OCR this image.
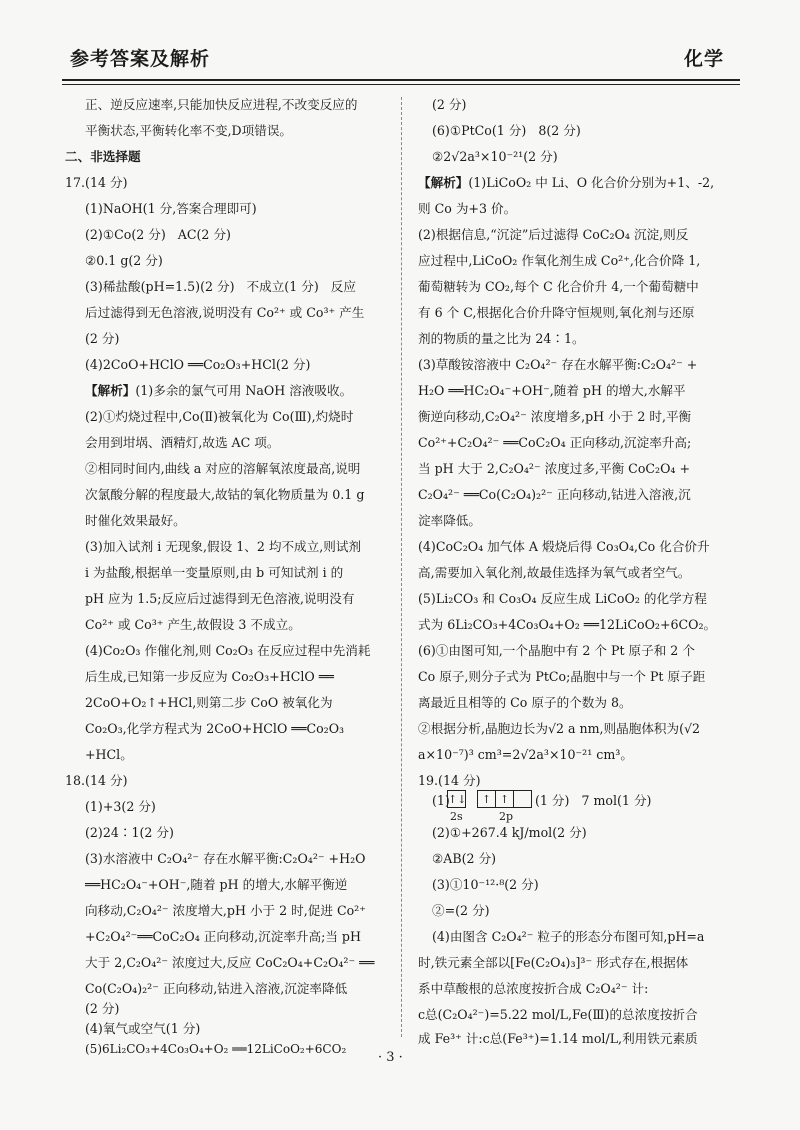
参考答案及解析	化学
正、逆反应速率,只能加快反应进程,不改变反应的
平衡状态,平衡转化率不变,D项错误。
二、非选择题
17.(14 分)
(1)NaOH(1 分,答案合理即可)
(2)①Co(2 分)   AC(2 分)
②0.1 g(2 分)
(3)稀盐酸(pH=1.5)(2 分)   不成立(1 分)   反应
后过滤得到无色溶液,说明没有 Co²⁺ 或 Co³⁺ 产生
(2 分)
(4)2CoO+HClO ══Co₂O₃+HCl(2 分)
【解析】(1)多余的氯气可用 NaOH 溶液吸收。
(2)①灼烧过程中,Co(Ⅱ)被氧化为 Co(Ⅲ),灼烧时
会用到坩埚、酒精灯,故选 AC 项。
②相同时间内,曲线 a 对应的溶解氧浓度最高,说明
次氯酸分解的程度最大,故钴的氧化物质量为 0.1 g
时催化效果最好。
(3)加入试剂 i 无现象,假设 1、2 均不成立,则试剂
i 为盐酸,根据单一变量原则,由 b 可知试剂 i 的
pH 应为 1.5;反应后过滤得到无色溶液,说明没有
Co²⁺ 或 Co³⁺ 产生,故假设 3 不成立。
(4)Co₂O₃ 作催化剂,则 Co₂O₃ 在反应过程中先消耗
后生成,已知第一步反应为 Co₂O₃+HClO ══
2CoO+O₂↑+HCl,则第二步 CoO 被氧化为
Co₂O₃,化学方程式为 2CoO+HClO ══Co₂O₃
+HCl。
18.(14 分)
(1)+3(2 分)
(2)24∶1(2 分)
(3)水溶液中 C₂O₄²⁻ 存在水解平衡:C₂O₄²⁻ +H₂O
══HC₂O₄⁻+OH⁻,随着 pH 的增大,水解平衡逆
向移动,C₂O₄²⁻ 浓度增大,pH 小于 2 时,促进 Co²⁺
+C₂O₄²⁻══CoC₂O₄ 正向移动,沉淀率升高;当 pH
大于 2,C₂O₄²⁻ 浓度过大,反应 CoC₂O₄+C₂O₄²⁻ ══
Co(C₂O₄)₂²⁻ 正向移动,钴进入溶液,沉淀率降低
(2 分)
(4)氧气或空气(1 分)
(5)6Li₂CO₃+4Co₃O₄+O₂ ══12LiCoO₂+6CO₂
(2 分)
(6)①PtCo(1 分)   8(2 分)
②2√2a³×10⁻²¹(2 分)
【解析】(1)LiCoO₂ 中 Li、O 化合价分别为+1、-2,
则 Co 为+3 价。
(2)根据信息,“沉淀”后过滤得 CoC₂O₄ 沉淀,则反
应过程中,LiCoO₂ 作氧化剂生成 Co²⁺,化合价降 1,
葡萄糖转为 CO₂,每个 C 化合价升 4,一个葡萄糖中
有 6 个 C,根据化合价升降守恒规则,氧化剂与还原
剂的物质的量之比为 24∶1。
(3)草酸铵溶液中 C₂O₄²⁻ 存在水解平衡:C₂O₄²⁻ +
H₂O ══HC₂O₄⁻+OH⁻,随着 pH 的增大,水解平
衡逆向移动,C₂O₄²⁻ 浓度增多,pH 小于 2 时,平衡
Co²⁺+C₂O₄²⁻ ══CoC₂O₄ 正向移动,沉淀率升高;
当 pH 大于 2,C₂O₄²⁻ 浓度过多,平衡 CoC₂O₄ +
C₂O₄²⁻ ══Co(C₂O₄)₂²⁻ 正向移动,钴进入溶液,沉
淀率降低。
(4)CoC₂O₄ 加气体 A 煅烧后得 Co₃O₄,Co 化合价升
高,需要加入氧化剂,故最佳选择为氧气或者空气。
(5)Li₂CO₃ 和 Co₃O₄ 反应生成 LiCoO₂ 的化学方程
式为 6Li₂CO₃+4Co₃O₄+O₂ ══12LiCoO₂+6CO₂。
(6)①由图可知,一个晶胞中有 2 个 Pt 原子和 2 个
Co 原子,则分子式为 PtCo;晶胞中与一个 Pt 原子距
离最近且相等的 Co 原子的个数为 8。
②根据分析,晶胞边长为√2 a nm,则晶胞体积为(√2
a×10⁻⁷)³ cm³=2√2a³×10⁻²¹ cm³。
19.(14 分)
(1)
↑↓	↑ ↑
2s	2p
(1 分)   7 mol(1 分)
(2)①+267.4 kJ/mol(2 分)
②AB(2 分)
(3)①10⁻¹²·⁸(2 分)
②=(2 分)
(4)由图含 C₂O₄²⁻ 粒子的形态分布图可知,pH=a
时,铁元素全部以[Fe(C₂O₄)₃]³⁻ 形式存在,根据体
系中草酸根的总浓度按折合成 C₂O₄²⁻ 计:
c总(C₂O₄²⁻)=5.22 mol/L,Fe(Ⅲ)的总浓度按折合
成 Fe³⁺ 计:c总(Fe³⁺)=1.14 mol/L,利用铁元素质
· 3 ·
